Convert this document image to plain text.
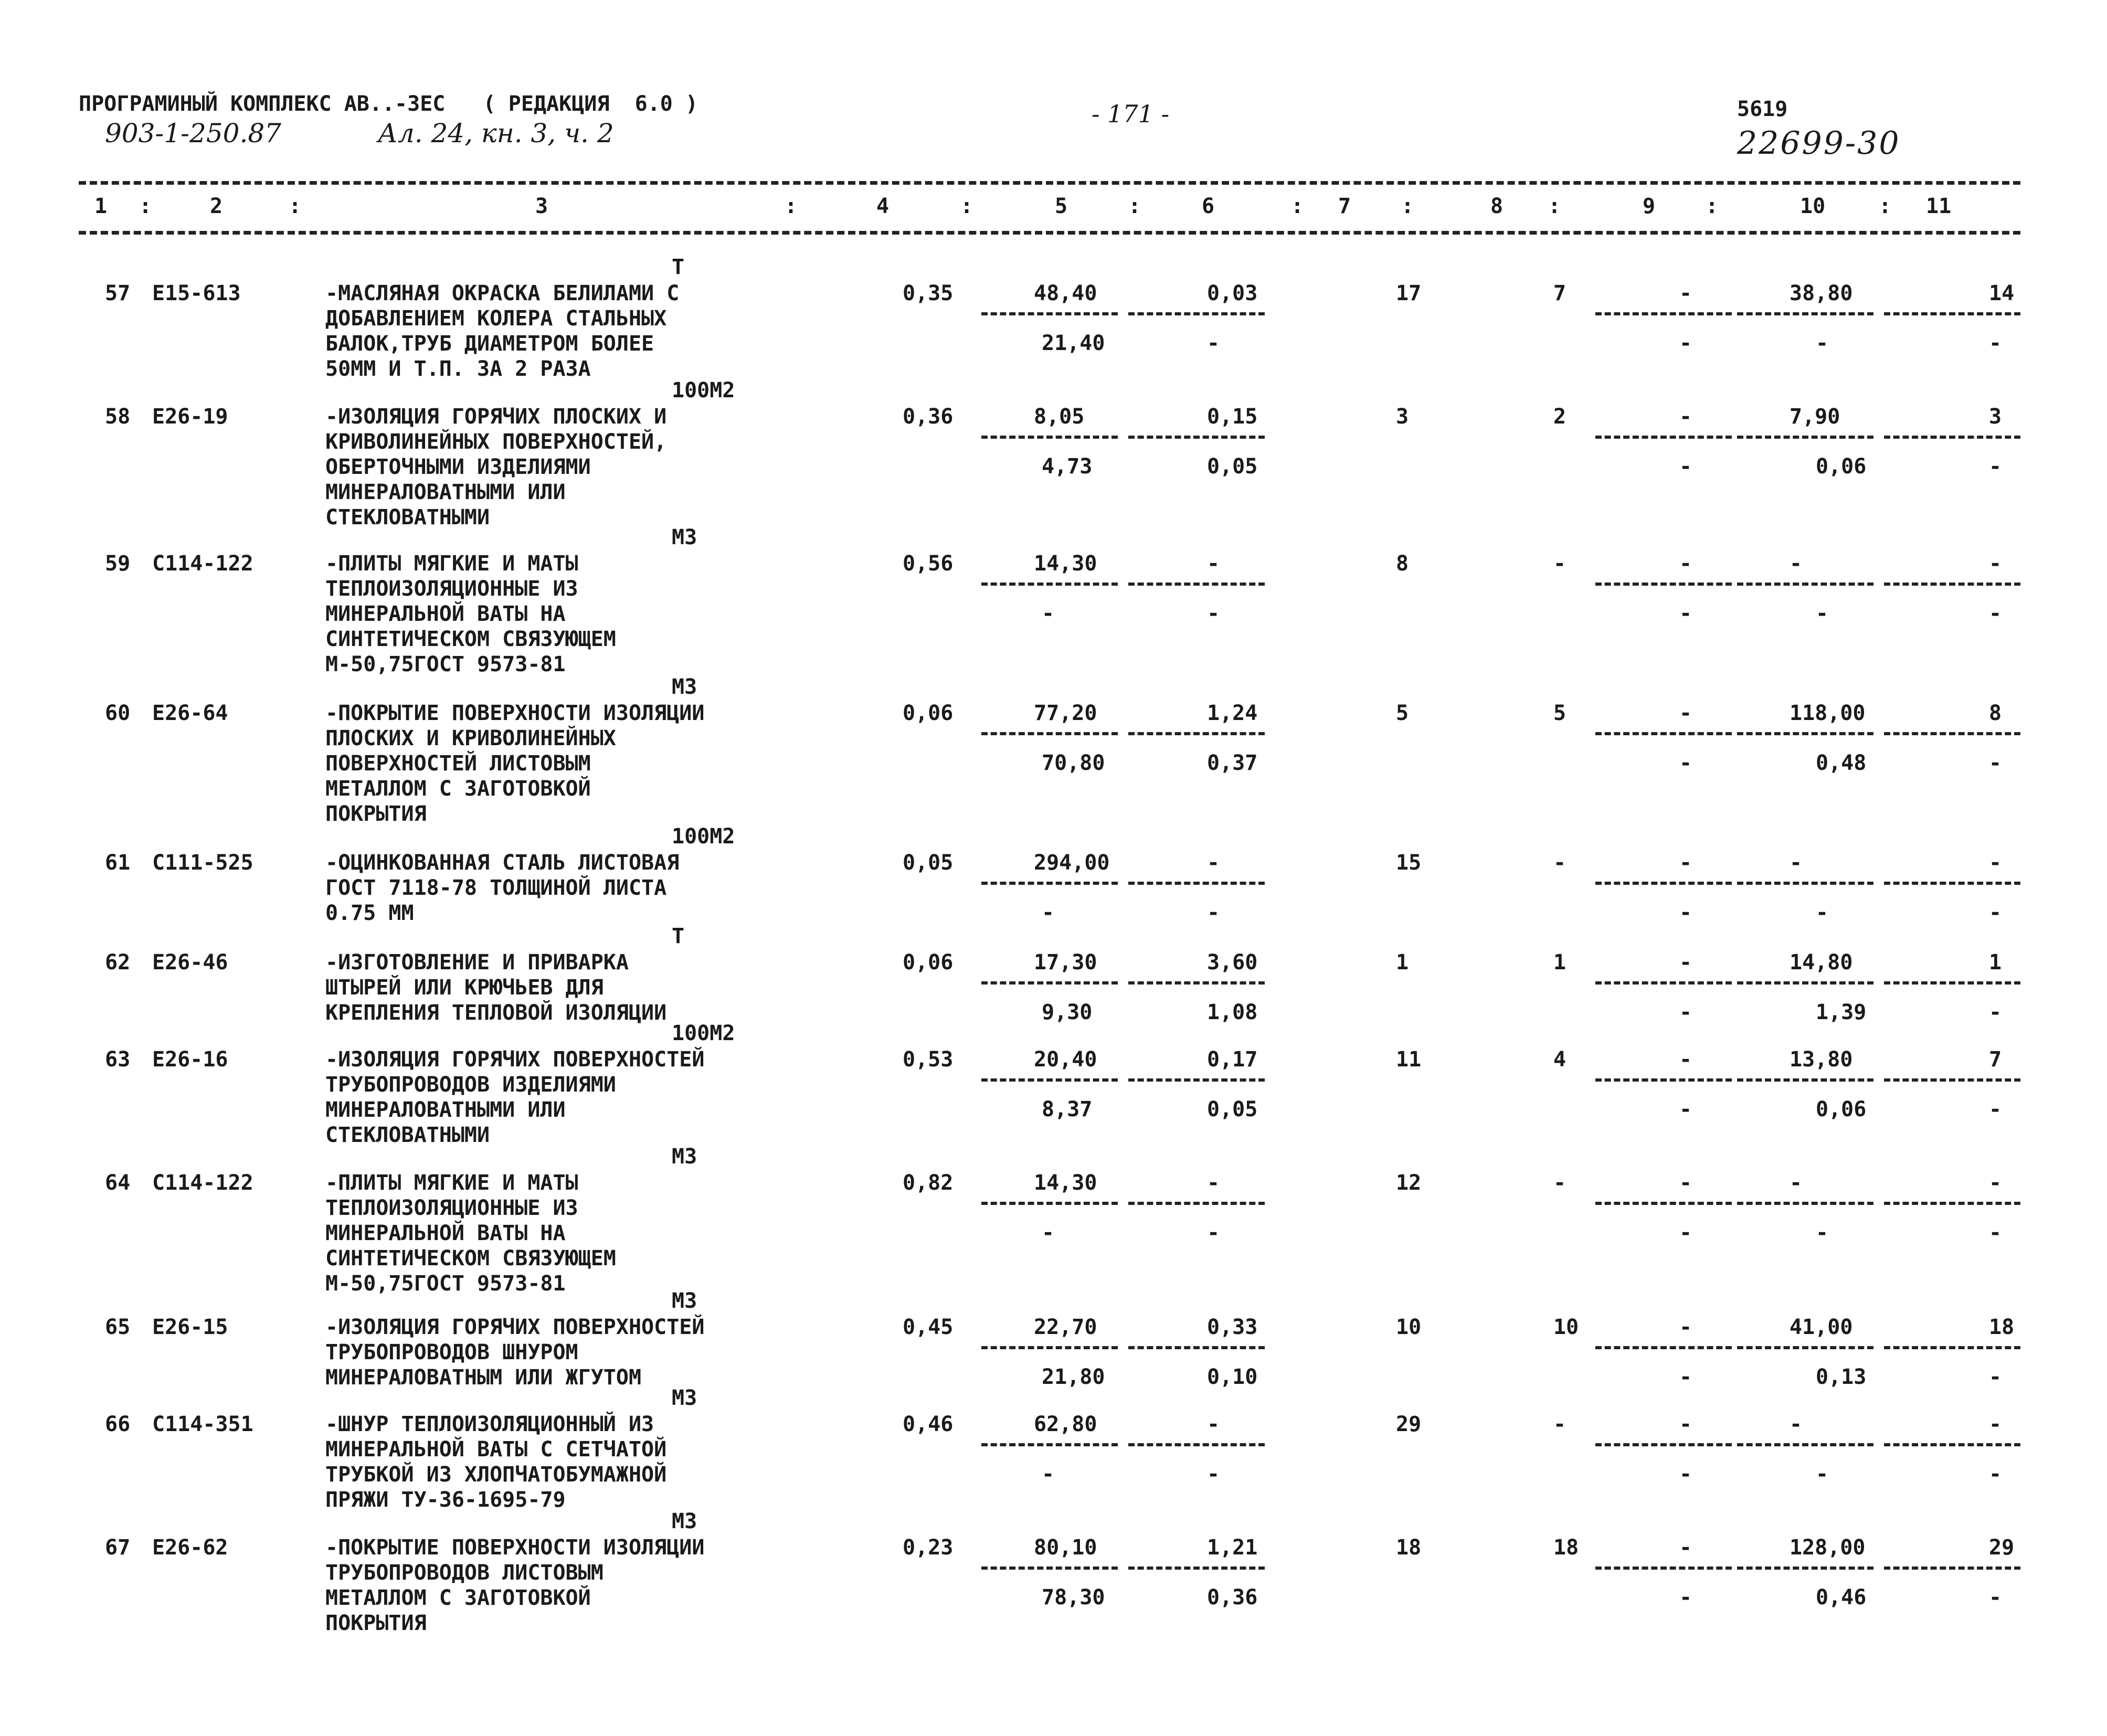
ПРОГРАМИНЫЙ КОМПЛЕКС АВ..-ЗЕС   ( РЕДАКЦИЯ  6.0 )
903-1-250.87	Ал. 24, кн. 3, ч. 2
- 171 -	5619
22699-30
1 :	2	:	3	:	4	:	5	:	6	: 7 :	8 :	9 :	10	: 11
Т
57 Е15-613	-МАСЛЯНАЯ ОКРАСКА БЕЛИЛАМИ С
ДОБАВЛЕНИЕМ КОЛЕРА СТАЛЬНЫХ
БАЛОК,ТРУБ ДИАМЕТРОМ БОЛЕЕ
50ММ И Т.П. ЗА 2 РАЗА
0,35	48,40	0,03	17	7	-	38,80	14
21,40	-	-	-	-
100М2
58 Е26-19	-ИЗОЛЯЦИЯ ГОРЯЧИХ ПЛОСКИХ И
КРИВОЛИНЕЙНЫХ ПОВЕРХНОСТЕЙ,
ОБЕРТОЧНЫМИ ИЗДЕЛИЯМИ
МИНЕРАЛОВАТНЫМИ ИЛИ
СТЕКЛОВАТНЫМИ
0,36	8,05	0,15	3	2	-	7,90	3
4,73	0,05	-	0,06	-
М3
59 С114-122	-ПЛИТЫ МЯГКИЕ И МАТЫ
ТЕПЛОИЗОЛЯЦИОННЫЕ ИЗ
МИНЕРАЛЬНОЙ ВАТЫ НА
СИНТЕТИЧЕСКОМ СВЯЗУЮЩЕМ
М-50,75ГОСТ 9573-81
0,56	14,30	-	8	-	-	-	-
-	-	-	-	-
М3
60 Е26-64	-ПОКРЫТИЕ ПОВЕРХНОСТИ ИЗОЛЯЦИИ
ПЛОСКИХ И КРИВОЛИНЕЙНЫХ
ПОВЕРХНОСТЕЙ ЛИСТОВЫМ
МЕТАЛЛОМ С ЗАГОТОВКОЙ
ПОКРЫТИЯ
0,06	77,20	1,24	5	5	-	118,00	8
70,80	0,37	-	0,48	-
100М2
61 С111-525	-ОЦИНКОВАННАЯ СТАЛЬ ЛИСТОВАЯ
ГОСТ 7118-78 ТОЛЩИНОЙ ЛИСТА
0.75 ММ
0,05	294,00	-	15	-	-	-	-
-	-	-	-	-
Т
62 Е26-46	-ИЗГОТОВЛЕНИЕ И ПРИВАРКА
ШТЫРЕЙ ИЛИ КРЮЧЬЕВ ДЛЯ
КРЕПЛЕНИЯ ТЕПЛОВОЙ ИЗОЛЯЦИИ
0,06	17,30	3,60	1	1	-	14,80	1
9,30	1,08	-	1,39	-
100М2
63 Е26-16	-ИЗОЛЯЦИЯ ГОРЯЧИХ ПОВЕРХНОСТЕЙ
ТРУБОПРОВОДОВ ИЗДЕЛИЯМИ
МИНЕРАЛОВАТНЫМИ ИЛИ
СТЕКЛОВАТНЫМИ
0,53	20,40	0,17	11	4	-	13,80	7
8,37	0,05	-	0,06	-
М3
64 С114-122	-ПЛИТЫ МЯГКИЕ И МАТЫ
ТЕПЛОИЗОЛЯЦИОННЫЕ ИЗ
МИНЕРАЛЬНОЙ ВАТЫ НА
СИНТЕТИЧЕСКОМ СВЯЗУЮЩЕМ
М-50,75ГОСТ 9573-81
0,82	14,30	-	12	-	-	-	-
-	-	-	-	-
М3
65 Е26-15	-ИЗОЛЯЦИЯ ГОРЯЧИХ ПОВЕРХНОСТЕЙ
ТРУБОПРОВОДОВ ШНУРОМ
МИНЕРАЛОВАТНЫМ ИЛИ ЖГУТОМ
0,45	22,70	0,33	10	10	-	41,00	18
21,80	0,10	-	0,13	-
М3
66 С114-351	-ШНУР ТЕПЛОИЗОЛЯЦИОННЫЙ ИЗ
МИНЕРАЛЬНОЙ ВАТЫ С СЕТЧАТОЙ
ТРУБКОЙ ИЗ ХЛОПЧАТОБУМАЖНОЙ
ПРЯЖИ ТУ-36-1695-79
0,46	62,80	-	29	-	-	-	-
-	-	-	-	-
М3
67 Е26-62	-ПОКРЫТИЕ ПОВЕРХНОСТИ ИЗОЛЯЦИИ
ТРУБОПРОВОДОВ ЛИСТОВЫМ
МЕТАЛЛОМ С ЗАГОТОВКОЙ
ПОКРЫТИЯ
0,23	80,10	1,21	18	18	-	128,00	29
78,30	0,36	-	0,46	-
